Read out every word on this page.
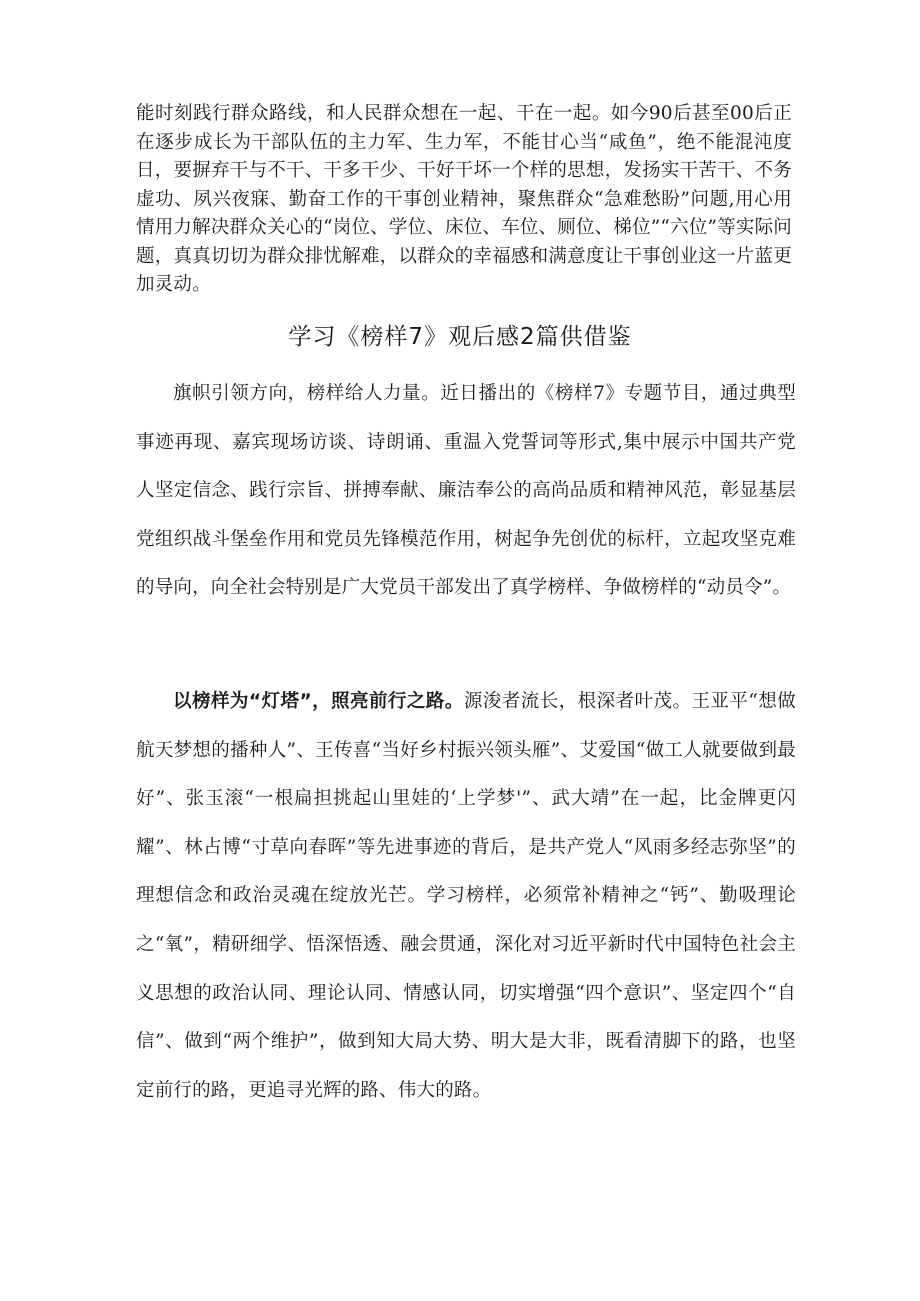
能时刻践行群众路线，和人民群众想在一起、干在一起。如今90后甚至00后正在逐步成长为干部队伍的主力军、生力军，不能甘心当“咸鱼”，绝不能混沌度日，要摒弃干与不干、干多干少、干好干坏一个样的思想，发扬实干苦干、不务虚功、夙兴夜寐、勤奋工作的干事创业精神，聚焦群众“急难愁盼”问题,用心用情用力解决群众关心的“岗位、学位、床位、车位、厕位、梯位”“六位”等实际问题，真真切切为群众排忧解难，以群众的幸福感和满意度让干事创业这一片蓝更加灵动。

学习《榜样7》观后感2篇供借鉴

旗帜引领方向，榜样给人力量。近日播出的《榜样7》专题节目，通过典型事迹再现、嘉宾现场访谈、诗朗诵、重温入党誓词等形式,集中展示中国共产党人坚定信念、践行宗旨、拼搏奉献、廉洁奉公的高尚品质和精神风范，彰显基层党组织战斗堡垒作用和党员先锋模范作用，树起争先创优的标杆，立起攻坚克难的导向，向全社会特别是广大党员干部发出了真学榜样、争做榜样的“动员令”。

以榜样为“灯塔”，照亮前行之路。源浚者流长，根深者叶茂。王亚平“想做航天梦想的播种人”、王传喜“当好乡村振兴领头雁”、艾爱国“做工人就要做到最好”、张玉滚“一根扁担挑起山里娃的‘上学梦'”、武大靖”在一起，比金牌更闪耀”、林占博“寸草向春晖”等先进事迹的背后，是共产党人“风雨多经志弥坚”的理想信念和政治灵魂在绽放光芒。学习榜样，必须常补精神之“钙”、勤吸理论之“氧”，精研细学、悟深悟透、融会贯通，深化对习近平新时代中国特色社会主义思想的政治认同、理论认同、情感认同，切实增强“四个意识”、坚定四个“自信”、做到“两个维护”，做到知大局大势、明大是大非，既看清脚下的路，也坚定前行的路，更追寻光辉的路、伟大的路。
